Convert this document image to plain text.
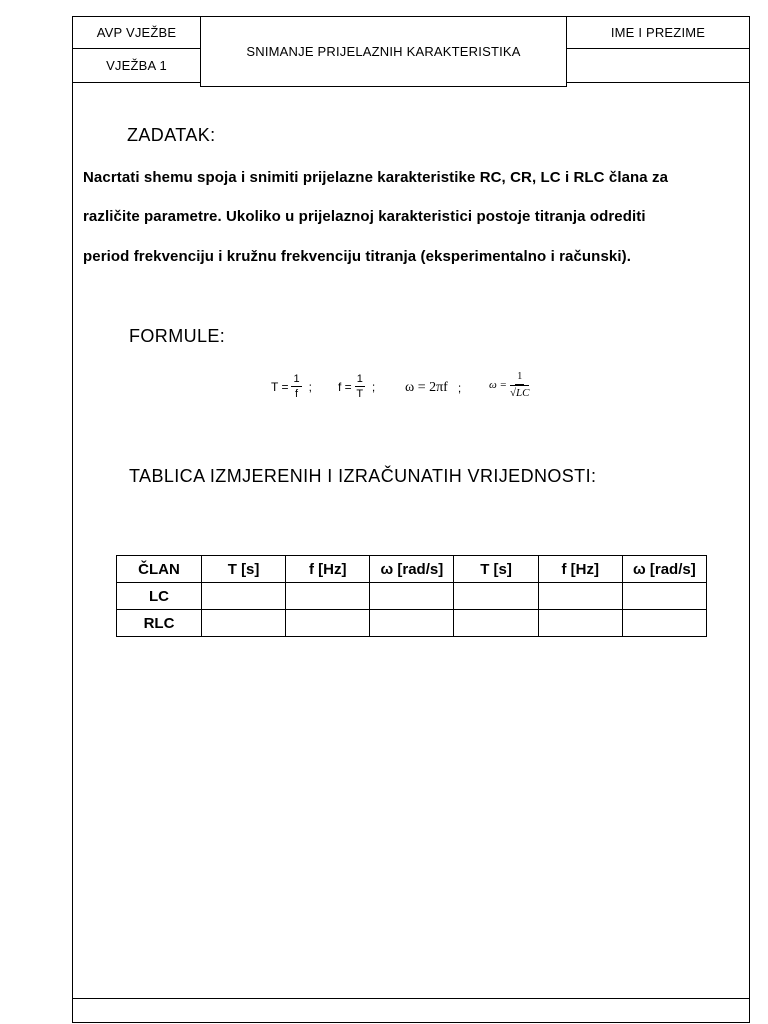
AVP VJEŽBE
VJEŽBA 1
SNIMANJE PRIJELAZNIH KARAKTERISTIKA
IME I PREZIME
ZADATAK:
Nacrtati shemu spoja i snimiti prijelazne karakteristike RC, CR, LC i RLC člana za
različite parametre. Ukoliko u prijelaznoj karakteristici postoje titranja odrediti
period frekvenciju i kružnu frekvenciju titranja (eksperimentalno i računski).
FORMULE:
$T = \frac{1}{f}$ ; $f = \frac{1}{T}$ ; ω = 2πf ;	$\omega = \frac{1}{√LC}$
TABLICA IZMJERENIH I IZRAČUNATIH VRIJEDNOSTI:
ČLAN	T [s]	f [Hz]	ω [rad/s]	T [s]	f [Hz]	ω [rad/s]
LC						
RLC						
